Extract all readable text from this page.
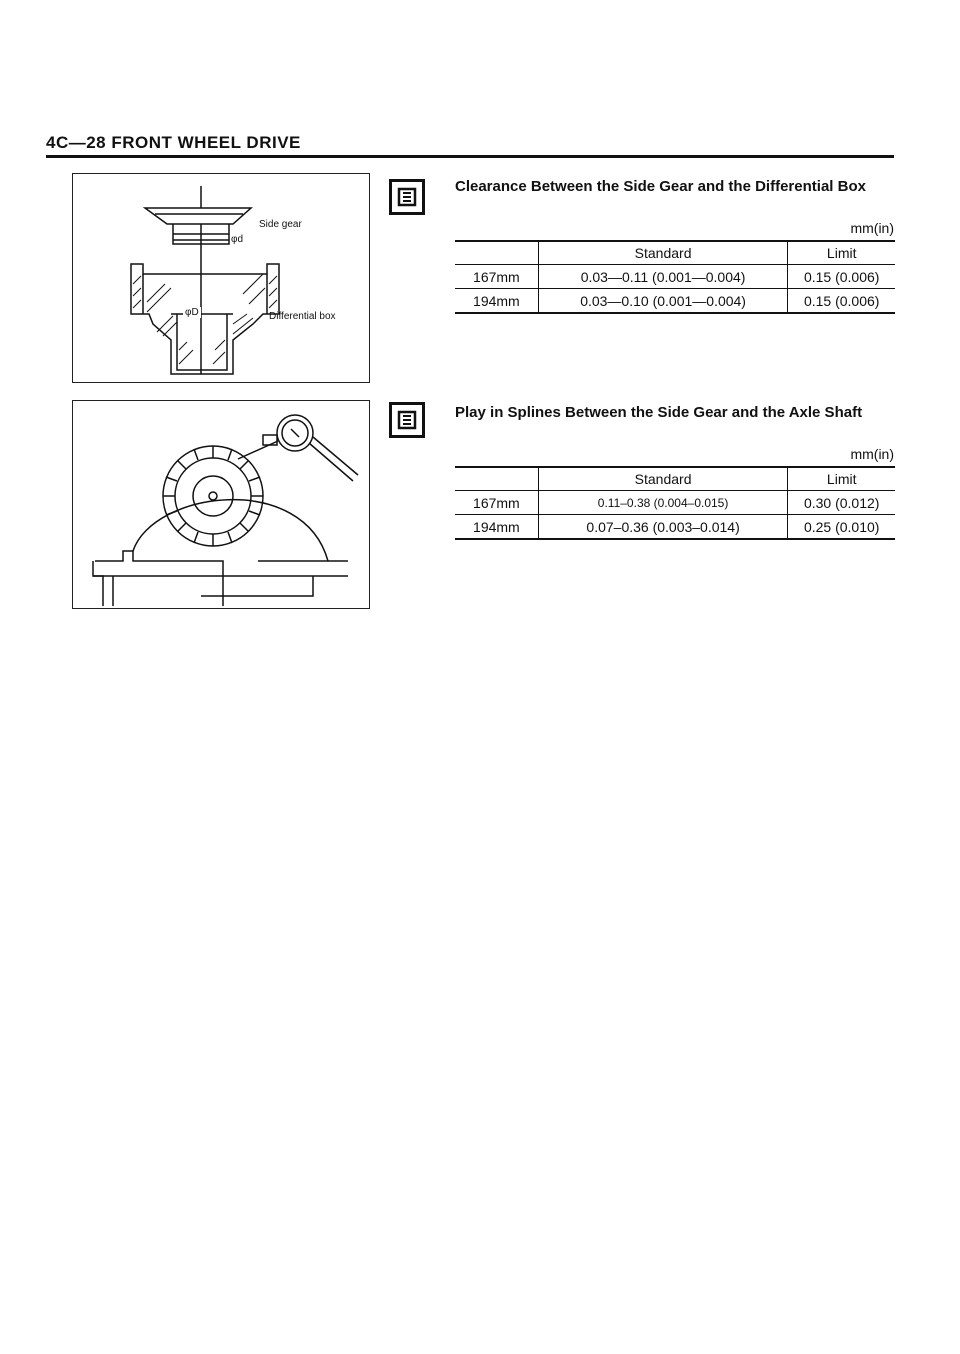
4C—28 FRONT WHEEL DRIVE
Side gear
φd
φD	Differential box
Clearance Between the Side Gear and the Differential Box
mm(in)
	Standard	Limit
167mm	0.03—0.11 (0.001—0.004)	0.15 (0.006)
194mm	0.03—0.10 (0.001—0.004)	0.15 (0.006)
Play in Splines Between the Side Gear and the Axle Shaft
mm(in)
	Standard	Limit
167mm	0.11–0.38 (0.004–0.015)	0.30 (0.012)
194mm	0.07–0.36 (0.003–0.014)	0.25 (0.010)
